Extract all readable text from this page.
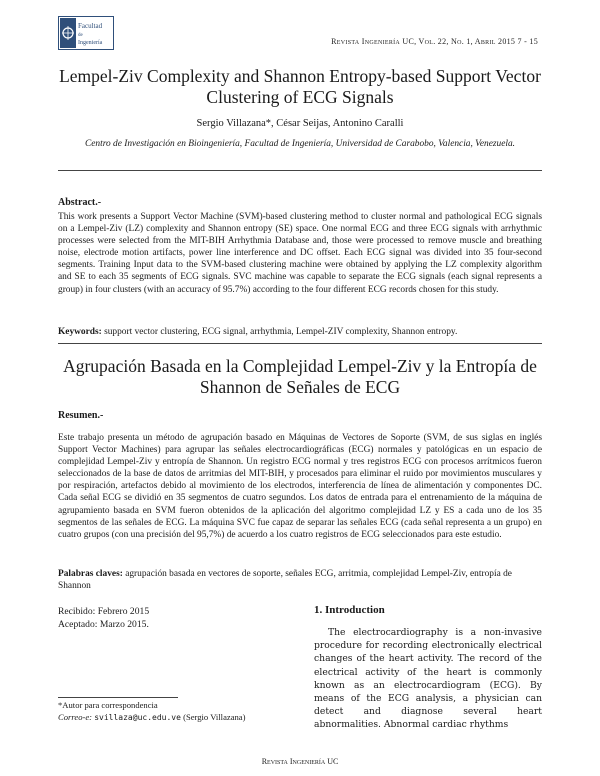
Facultad
de
Ingeniería	Revista Ingeniería UC, Vol. 22, No. 1, Abril 2015 7 - 15
Lempel-Ziv Complexity and Shannon Entropy-based Support Vector
Clustering of ECG Signals
Sergio Villazana*, César Seijas, Antonino Caralli
Centro de Investigación en Bioingeniería, Facultad de Ingeniería, Universidad de Carabobo, Valencia, Venezuela.
Abstract.-
This work presents a Support Vector Machine (SVM)-based clustering method to cluster normal and pathological ECG signals on a Lempel-Ziv (LZ) complexity and Shannon entropy (SE) space. One normal ECG and three ECG signals with arrhythmic processes were selected from the MIT-BIH Arrhythmia Database and, those were processed to remove muscle and breathing noise, electrode motion artifacts, power line interference and DC offset. Each ECG signal was divided into 35 four-second segments. Training Input data to the SVM-based clustering machine were obtained by applying the LZ complexity algorithm and SE to each 35 segments of ECG signals. SVC machine was capable to separate the ECG signals (each signal represents a group) in four clusters (with an accuracy of 95.7%) according to the four different ECG records chosen for this study.
Keywords: support vector clustering, ECG signal, arrhythmia, Lempel-ZIV complexity, Shannon entropy.
Agrupación Basada en la Complejidad Lempel-Ziv y la Entropía de
Shannon de Señales de ECG
Resumen.-
Este trabajo presenta un método de agrupación basado en Máquinas de Vectores de Soporte (SVM, de sus siglas en inglés Support Vector Machines) para agrupar las señales electrocardiográficas (ECG) normales y patológicas en un espacio de complejidad Lempel-Ziv y entropía de Shannon. Un registro ECG normal y tres registros ECG con procesos arrítmicos fueron seleccionados de la base de datos de arritmias del MIT-BIH, y procesados para eliminar el ruido por movimientos musculares y por respiración, artefactos debido al movimiento de los electrodos, interferencia de línea de alimentación y componentes DC. Cada señal ECG se dividió en 35 segmentos de cuatro segundos. Los datos de entrada para el entrenamiento de la máquina de agrupamiento basada en SVM fueron obtenidos de la aplicación del algoritmo complejidad LZ y ES a cada uno de los 35 segmentos de las señales de ECG. La máquina SVC fue capaz de separar las señales ECG (cada señal representa a un grupo) en cuatro grupos (con una precisión del 95,7%) de acuerdo a los cuatro registros de ECG seleccionados para este estudio.
Palabras claves: agrupación basada en vectores de soporte, señales ECG, arritmia, complejidad Lempel-Ziv, entropía de Shannon
Recibido: Febrero 2015
Aceptado: Marzo 2015.
*Autor para correspondencia
Correo-e: svillaza@uc.edu.ve (Sergio Villazana)
1. Introduction

The electrocardiography is a non-invasive procedure for recording electronically electrical changes of the heart activity. The record of the electrical activity of the heart is commonly known as an electrocardiogram (ECG). By means of the ECG analysis, a physician can detect and diagnose several heart abnormalities. Abnormal cardiac rhythms

Revista Ingeniería UC
